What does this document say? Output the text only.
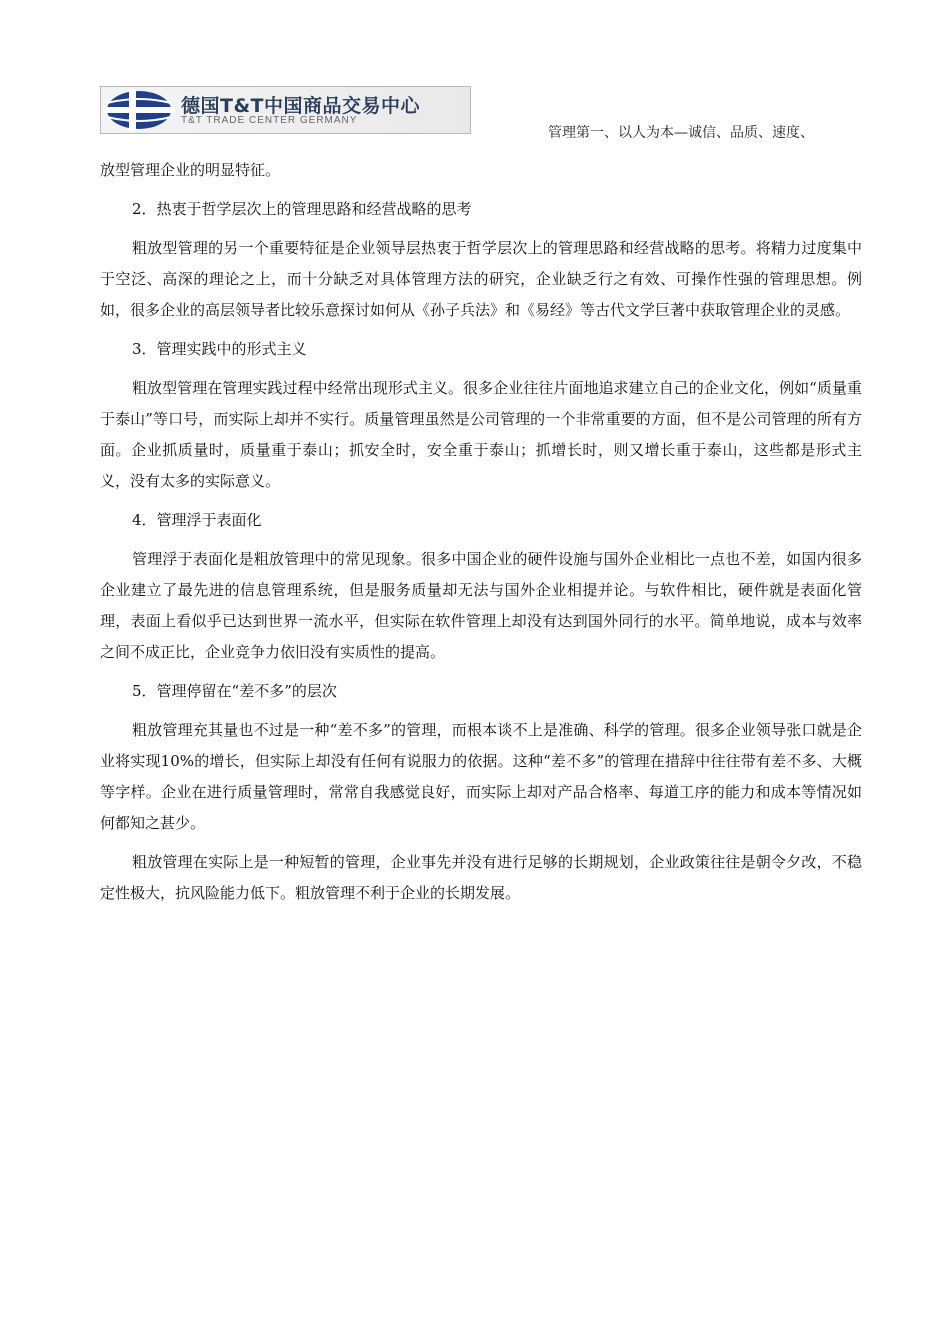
德国T&T中国商品交易中心
T&T TRADE CENTER GERMANY
管理第一、以人为本—诚信、品质、速度、

放型管理企业的明显特征。

2．热衷于哲学层次上的管理思路和经营战略的思考

粗放型管理的另一个重要特征是企业领导层热衷于哲学层次上的管理思路和经营战略的思考。将精力过度集中于空泛、高深的理论之上，而十分缺乏对具体管理方法的研究，企业缺乏行之有效、可操作性强的管理思想。例如，很多企业的高层领导者比较乐意探讨如何从《孙子兵法》和《易经》等古代文学巨著中获取管理企业的灵感。

3．管理实践中的形式主义

粗放型管理在管理实践过程中经常出现形式主义。很多企业往往片面地追求建立自己的企业文化，例如“质量重于泰山”等口号，而实际上却并不实行。质量管理虽然是公司管理的一个非常重要的方面，但不是公司管理的所有方面。企业抓质量时，质量重于泰山；抓安全时，安全重于泰山；抓增长时，则又增长重于泰山，这些都是形式主义，没有太多的实际意义。

4．管理浮于表面化

管理浮于表面化是粗放管理中的常见现象。很多中国企业的硬件设施与国外企业相比一点也不差，如国内很多企业建立了最先进的信息管理系统，但是服务质量却无法与国外企业相提并论。与软件相比，硬件就是表面化管理，表面上看似乎已达到世界一流水平，但实际在软件管理上却没有达到国外同行的水平。简单地说，成本与效率之间不成正比，企业竞争力依旧没有实质性的提高。

5．管理停留在“差不多”的层次

粗放管理充其量也不过是一种“差不多”的管理，而根本谈不上是准确、科学的管理。很多企业领导张口就是企业将实现10%的增长，但实际上却没有任何有说服力的依据。这种“差不多”的管理在措辞中往往带有差不多、大概等字样。企业在进行质量管理时，常常自我感觉良好，而实际上却对产品合格率、每道工序的能力和成本等情况如何都知之甚少。

粗放管理在实际上是一种短暂的管理，企业事先并没有进行足够的长期规划，企业政策往往是朝令夕改，不稳定性极大，抗风险能力低下。粗放管理不利于企业的长期发展。
